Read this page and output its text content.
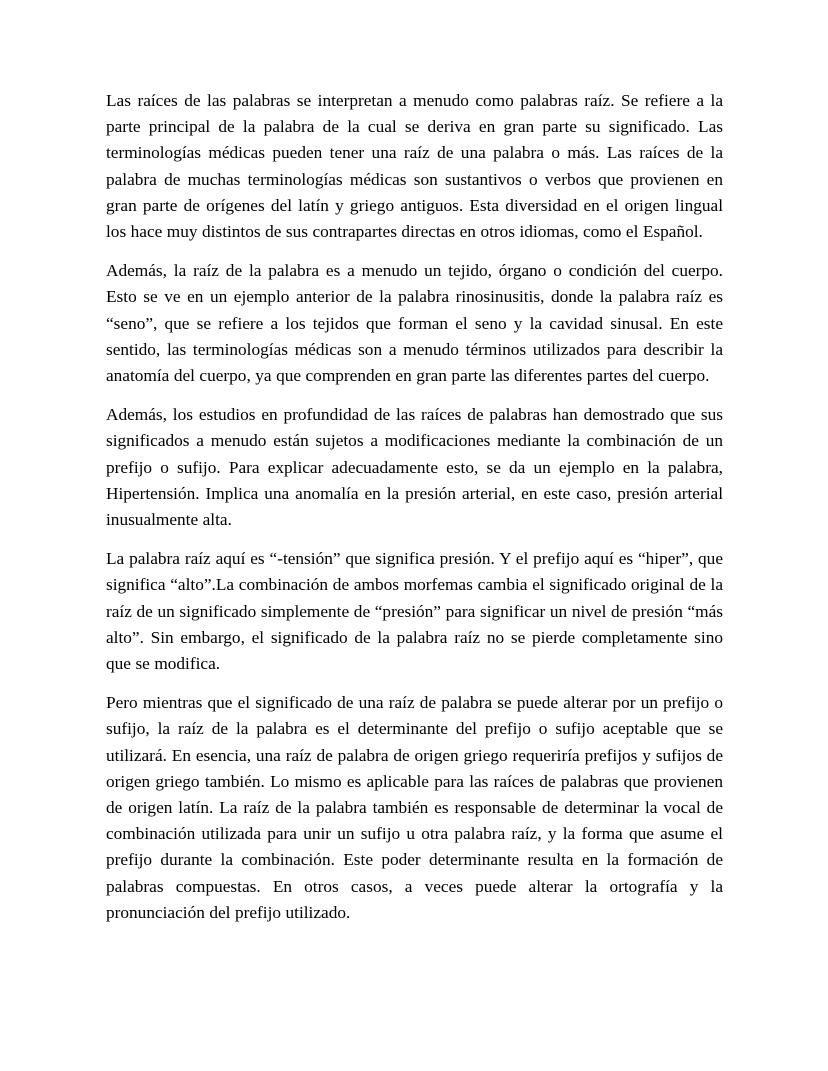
Las raíces de las palabras se interpretan a menudo como palabras raíz. Se refiere a la parte principal de la palabra de la cual se deriva en gran parte su significado. Las terminologías médicas pueden tener una raíz de una palabra o más. Las raíces de la palabra de muchas terminologías médicas son sustantivos o verbos que provienen en gran parte de orígenes del latín y griego antiguos. Esta diversidad en el origen lingual los hace muy distintos de sus contrapartes directas en otros idiomas, como el Español.

Además, la raíz de la palabra es a menudo un tejido, órgano o condición del cuerpo. Esto se ve en un ejemplo anterior de la palabra rinosinusitis, donde la palabra raíz es “seno”, que se refiere a los tejidos que forman el seno y la cavidad sinusal. En este sentido, las terminologías médicas son a menudo términos utilizados para describir la anatomía del cuerpo, ya que comprenden en gran parte las diferentes partes del cuerpo.

Además, los estudios en profundidad de las raíces de palabras han demostrado que sus significados a menudo están sujetos a modificaciones mediante la combinación de un prefijo o sufijo. Para explicar adecuadamente esto, se da un ejemplo en la palabra, Hipertensión. Implica una anomalía en la presión arterial, en este caso, presión arterial inusualmente alta.

La palabra raíz aquí es “-tensión” que significa presión. Y el prefijo aquí es “hiper”, que significa “alto”.La combinación de ambos morfemas cambia el significado original de la raíz de un significado simplemente de “presión” para significar un nivel de presión “más alto”. Sin embargo, el significado de la palabra raíz no se pierde completamente sino que se modifica.

Pero mientras que el significado de una raíz de palabra se puede alterar por un prefijo o sufijo, la raíz de la palabra es el determinante del prefijo o sufijo aceptable que se utilizará. En esencia, una raíz de palabra de origen griego requeriría prefijos y sufijos de origen griego también. Lo mismo es aplicable para las raíces de palabras que provienen de origen latín. La raíz de la palabra también es responsable de determinar la vocal de combinación utilizada para unir un sufijo u otra palabra raíz, y la forma que asume el prefijo durante la combinación. Este poder determinante resulta en la formación de palabras compuestas. En otros casos, a veces puede alterar la ortografía y la pronunciación del prefijo utilizado.
